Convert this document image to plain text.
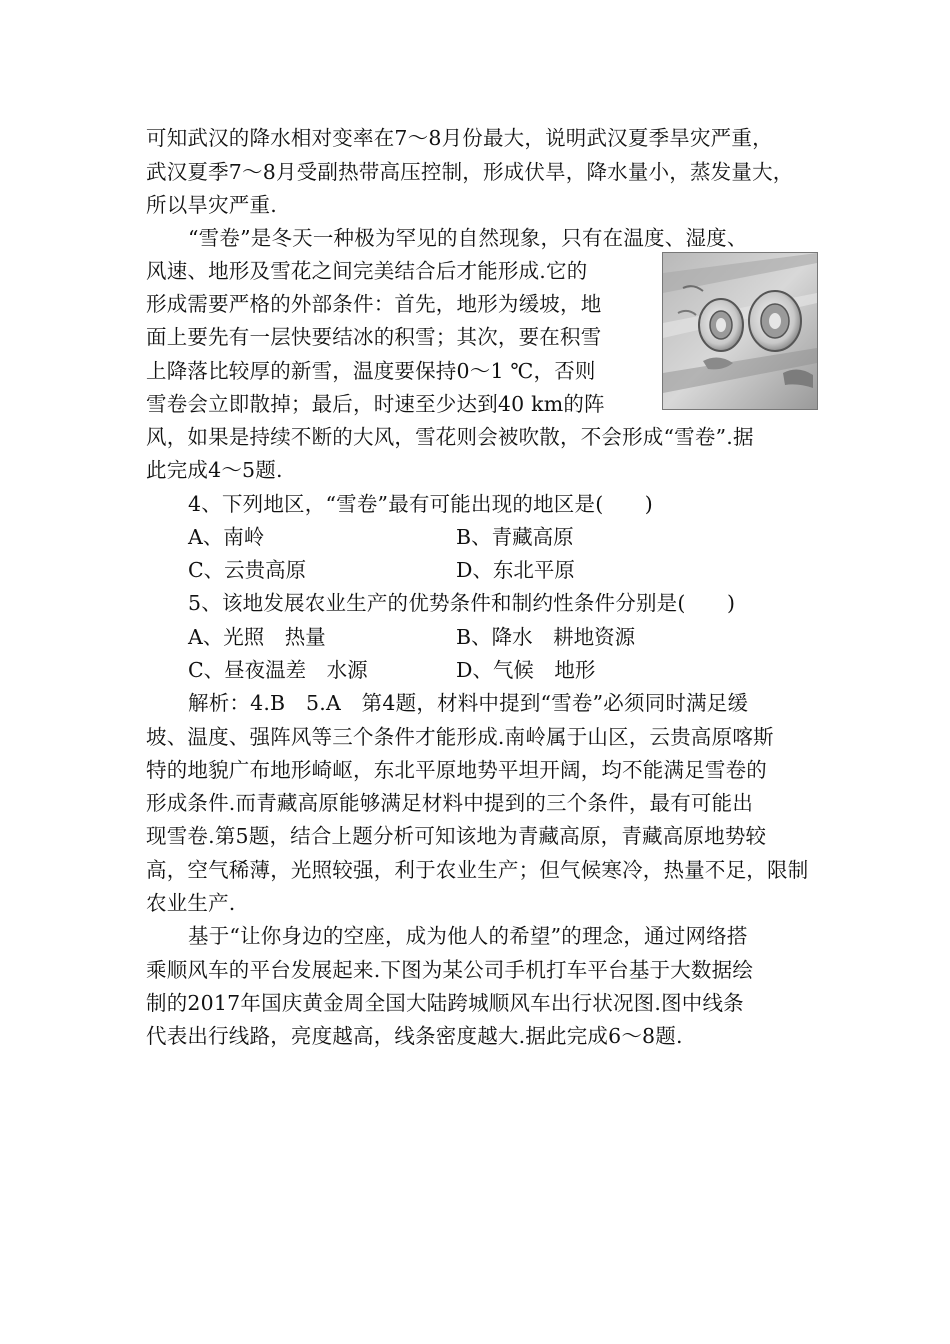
可知武汉的降水相对变率在7～8月份最大，说明武汉夏季旱灾严重，
武汉夏季7～8月受副热带高压控制，形成伏旱，降水量小，蒸发量大，
所以旱灾严重.
“雪卷”是冬天一种极为罕见的自然现象，只有在温度、湿度、
风速、地形及雪花之间完美结合后才能形成.它的
形成需要严格的外部条件：首先，地形为缓坡，地
面上要先有一层快要结冰的积雪；其次，要在积雪
上降落比较厚的新雪，温度要保持0～1 ℃，否则
雪卷会立即散掉；最后，时速至少达到40 km的阵
风，如果是持续不断的大风，雪花则会被吹散，不会形成“雪卷”.据
此完成4～5题.
4、下列地区，“雪卷”最有可能出现的地区是(　　)
A、南岭	B、青藏高原
C、云贵高原	D、东北平原
5、该地发展农业生产的优势条件和制约性条件分别是(　　)
A、光照　热量	B、降水　耕地资源
C、昼夜温差　水源	D、气候　地形
解析：4.B　5.A　第4题，材料中提到“雪卷”必须同时满足缓
坡、温度、强阵风等三个条件才能形成.南岭属于山区，云贵高原喀斯
特的地貌广布地形崎岖，东北平原地势平坦开阔，均不能满足雪卷的
形成条件.而青藏高原能够满足材料中提到的三个条件，最有可能出
现雪卷.第5题，结合上题分析可知该地为青藏高原，青藏高原地势较
高，空气稀薄，光照较强，利于农业生产；但气候寒冷，热量不足，限制
农业生产.
基于“让你身边的空座，成为他人的希望”的理念，通过网络搭
乘顺风车的平台发展起来.下图为某公司手机打车平台基于大数据绘
制的2017年国庆黄金周全国大陆跨城顺风车出行状况图.图中线条
代表出行线路，亮度越高，线条密度越大.据此完成6～8题.
